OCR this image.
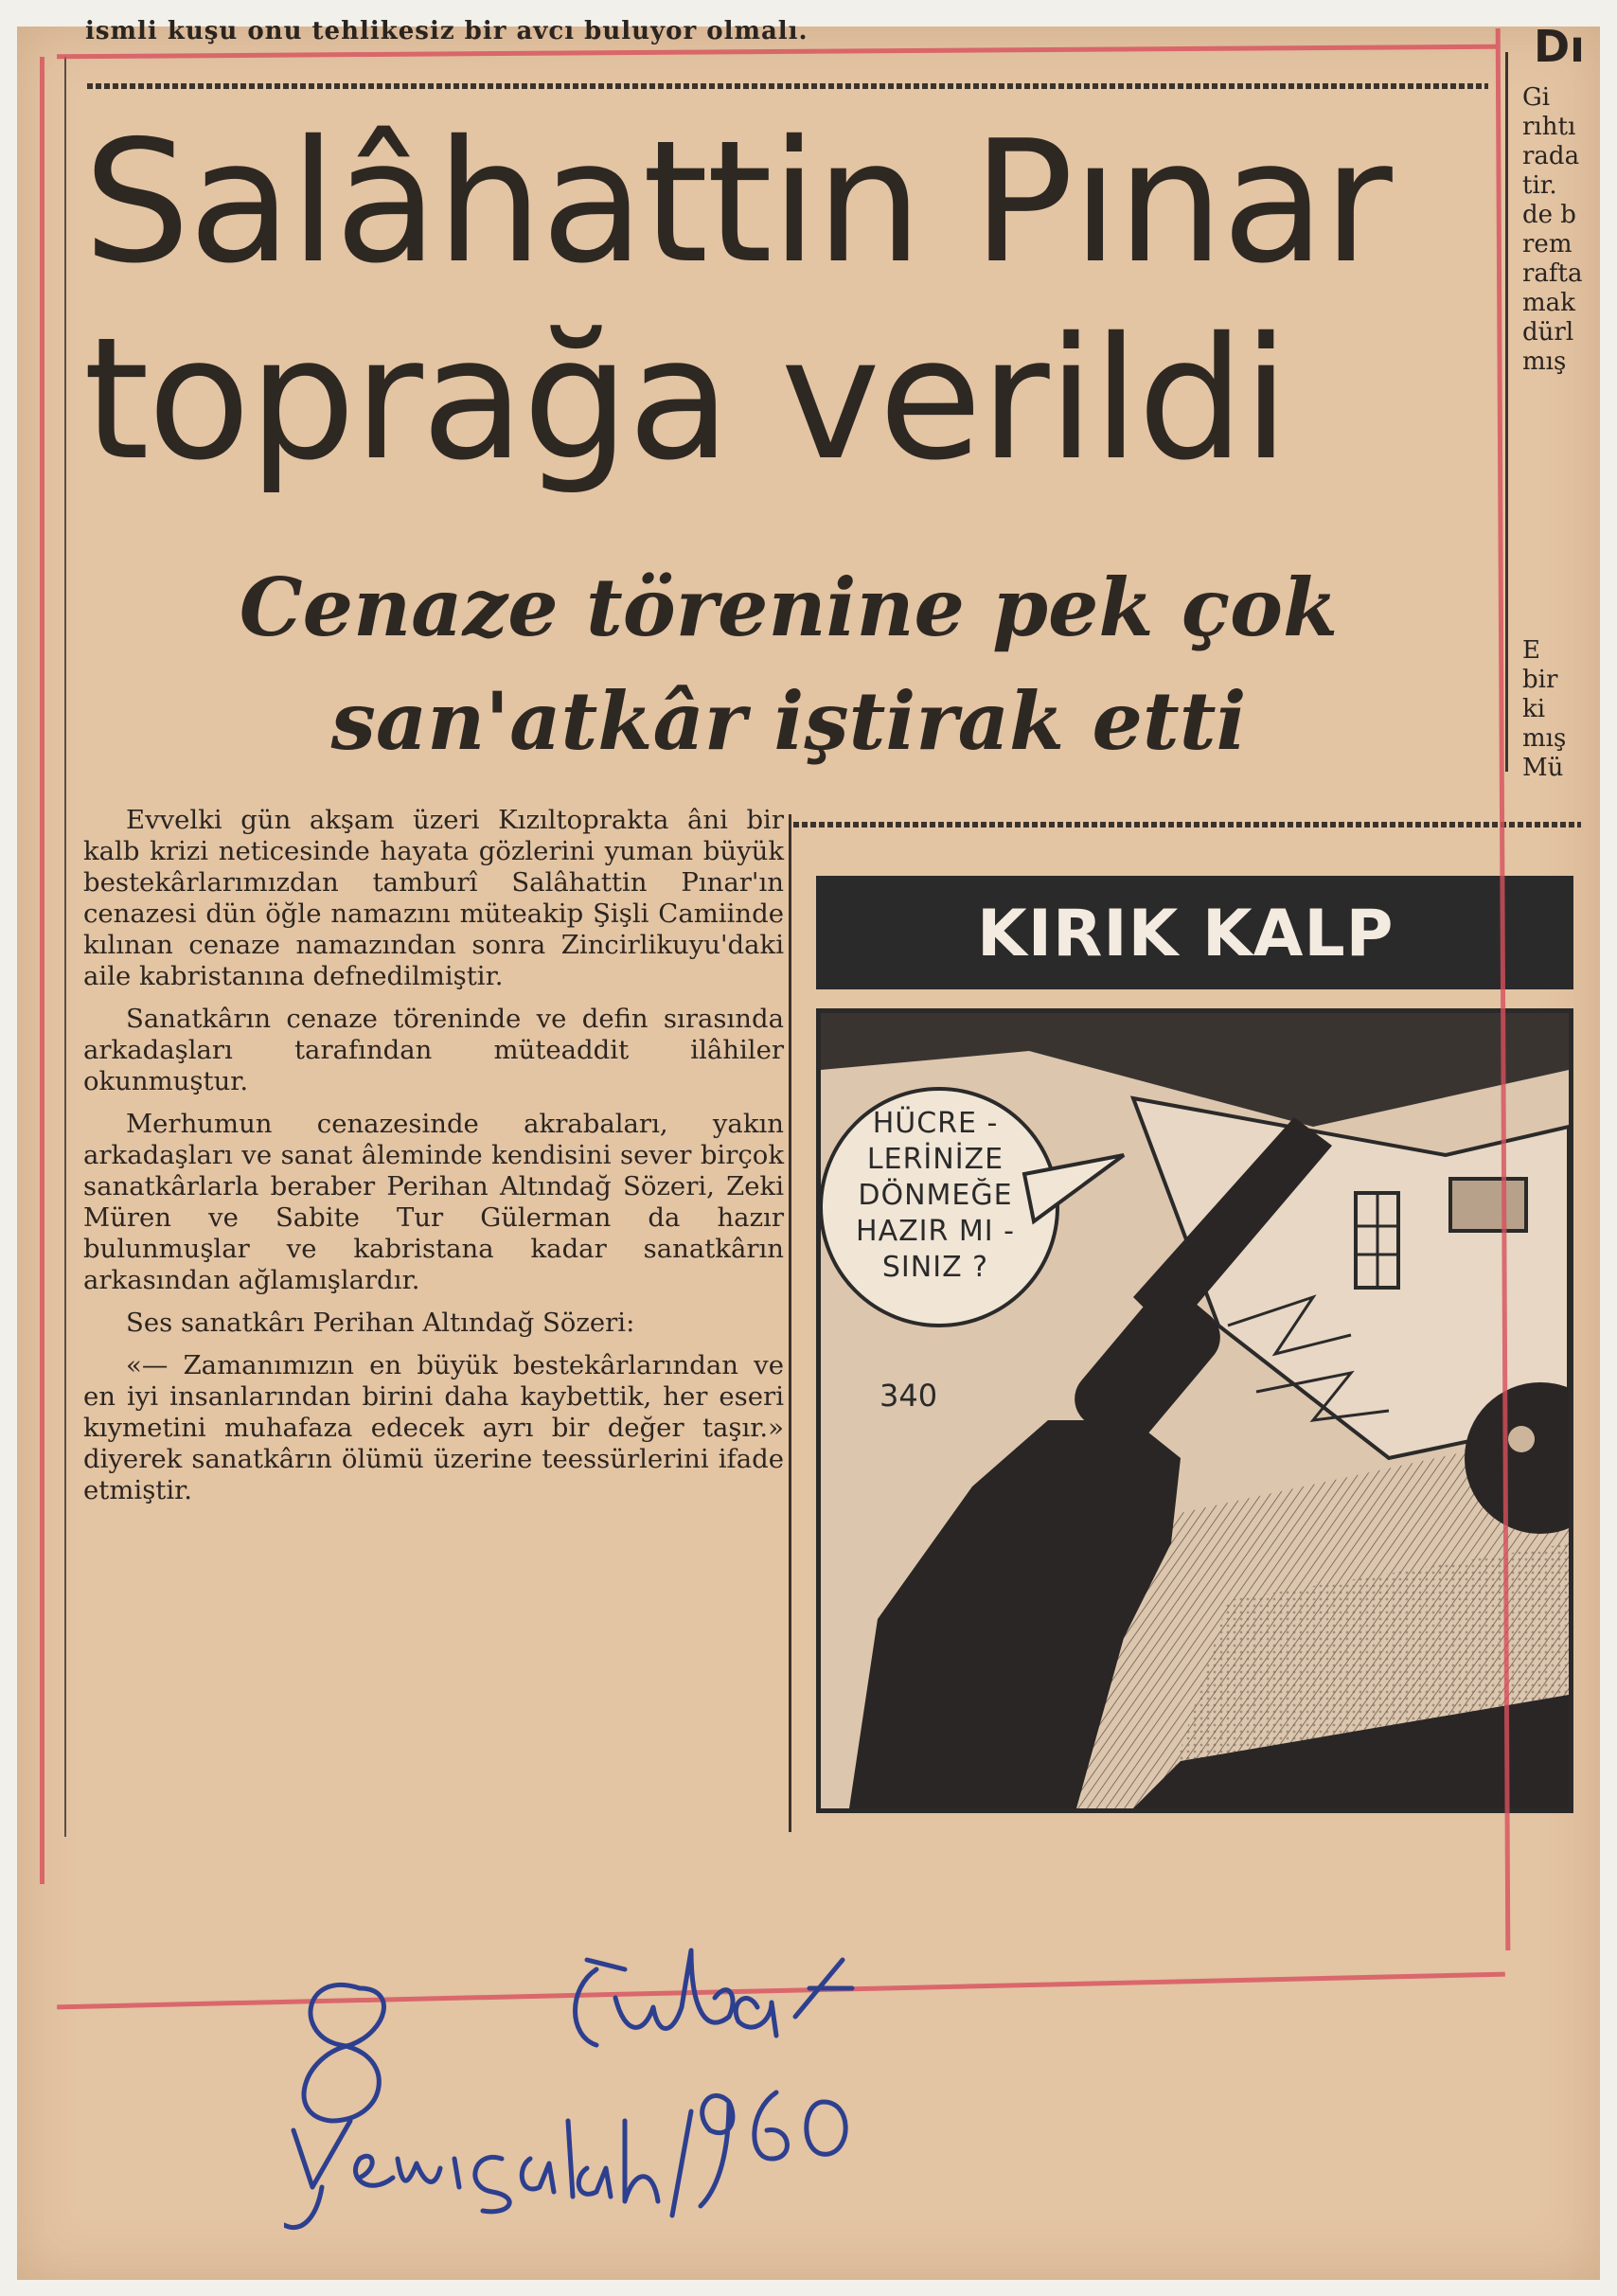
ismli kuşu onu tehlikesiz bir avcı buluyor olmalı.	Dı
Gi
rıhtı
rada
tir.
de b
rem
rafta
mak
dürl
mış
E
bir
ki
mış
Mü
Salâhattin Pınar
toprağa verildi
Cenaze törenine pek çok
san'atkâr iştirak etti

Evvelki gün akşam üzeri Kızıltoprakta âni bir kalb krizi neticesinde hayata gözlerini yuman büyük bestekârlarımızdan tamburî Salâhattin Pınar'ın cenazesi dün öğle namazını müteakip Şişli Camiinde kılınan cenaze namazından sonra Zincirlikuyu'daki aile kabristanına defnedilmiştir.

Sanatkârın cenaze töreninde ve defin sırasında arkadaşları tarafından müteaddit ilâhiler okunmuştur.

Merhumun cenazesinde akrabaları, yakın arkadaşları ve sanat âleminde kendisini sever birçok sanatkârlarla beraber Perihan Altındağ Sözeri, Zeki Müren ve Sabite Tur Gülerman da hazır bulunmuşlar ve kabristana kadar sanatkârın arkasından ağlamışlardır.

Ses sanatkârı Perihan Altındağ Sözeri:

«— Zamanımızın en büyük bestekârlarından ve en iyi insanlarından birini daha kaybettik, her eseri kıymetini muhafaza edecek ayrı bir değer taşır.» diyerek sanatkârın ölümü üzerine teessürlerini ifade etmiştir.

KIRIK KALP
HÜCRE -
LERİNİZE
DÖNMEĞE
HAZIR MI -
SINIZ ?
340
